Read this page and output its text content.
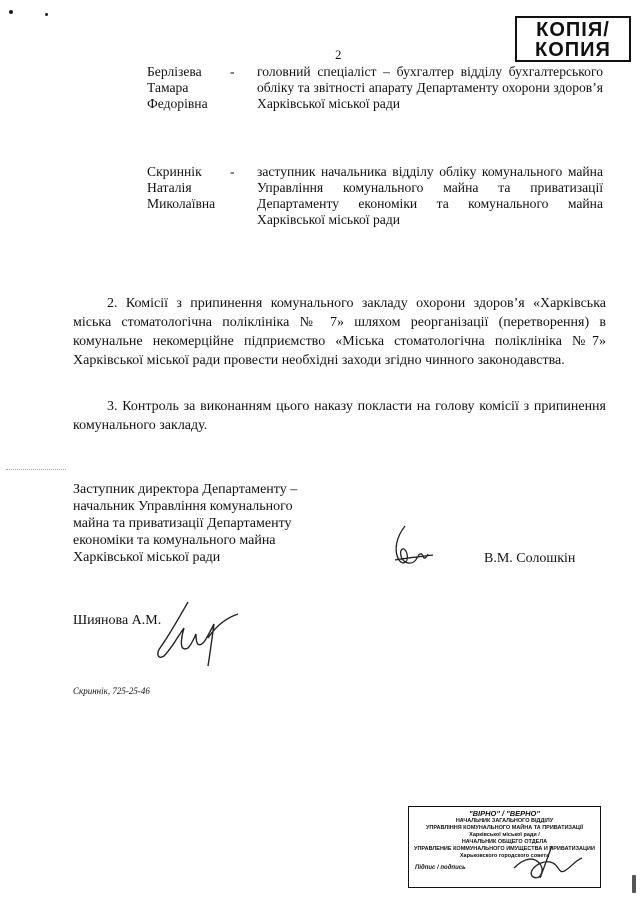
КОПІЯ/
КОПИЯ
2
Берлізева
Тамара
Федорівна
- головний спеціаліст – бухгалтер відділу бухгалтерського обліку та звітності апарату Департаменту охорони здоров’я Харківської міської ради
Скриннік
Наталія
Миколаївна
- заступник начальника відділу обліку комунального майна Управління комунального майна та приватизації Департаменту економіки та комунального майна Харківської міської ради

2. Комісії з припинення комунального закладу охорони здоров’я «Харківська міська стоматологічна поліклініка № 7» шляхом реорганізації (перетворення) в комунальне некомерційне підприємство «Міська стоматологічна поліклініка №7» Харківської міської ради провести необхідні заходи згідно чинного законодавства.

3. Контроль за виконанням цього наказу покласти на голову комісії з припинення комунального закладу.

Заступник директора Департаменту –
начальник Управління комунального
майна та приватизації Департаменту
економіки та комунального майна
Харківської міської ради	В.М. Солошкін
Шиянова А.М.
Скриннік, 725-25-46
"ВІРНО" / "ВЕРНО"
НАЧАЛЬНИК ЗАГАЛЬНОГО ВІДДІЛУ
УПРАВЛІННЯ КОМУНАЛЬНОГО МАЙНА ТА ПРИВАТИЗАЦІЇ
Харківської міської ради /
НАЧАЛЬНИК ОБЩЕГО ОТДЕЛА
УПРАВЛЕНИЕ КОММУНАЛЬНОГО ИМУЩЕСТВА И ПРИВАТИЗАЦИИ
Харьковского городского совета
Підпис / подпись
